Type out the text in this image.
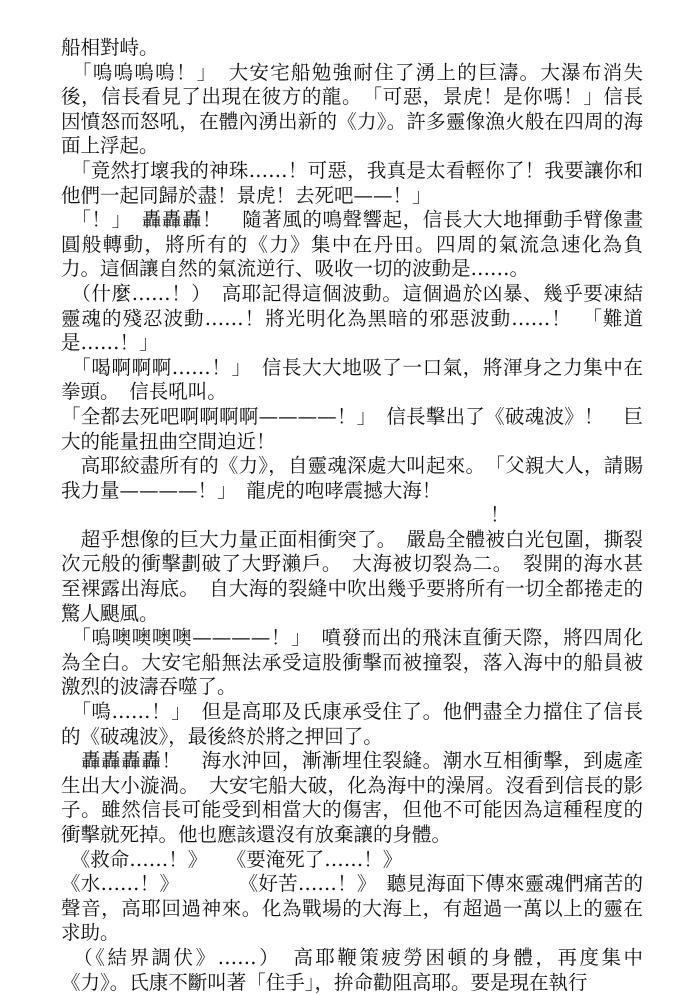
船相對峙。

　「嗚嗚嗚嗚！」　大安宅船勉強耐住了湧上的巨濤。大瀑布消失後，信長看見了出現在彼方的龍。　「可惡，景虎！是你嗎！」信長因憤怒而怒吼，在體內湧出新的《力》。許多靈像漁火般在四周的海面上浮起。

　「竟然打壞我的神珠……！可惡，我真是太看輕你了！我要讓你和他們一起同歸於盡！景虎！去死吧——！」

　「！」　轟轟轟！　隨著風的鳴聲響起，信長大大地揮動手臂像畫圓般轉動，將所有的《力》集中在丹田。四周的氣流急速化為負力。這個讓自然的氣流逆行、吸收一切的波動是……。

　（什麼……！）　高耶記得這個波動。這個過於凶暴、幾乎要凍結靈魂的殘忍波動……！將光明化為黑暗的邪惡波動……！　「難道是……！」

　「喝啊啊啊……！」　信長大大地吸了一口氣，將渾身之力集中在拳頭。　信長吼叫。

「全都去死吧啊啊啊啊————！」　信長擊出了《破魂波》！　巨大的能量扭曲空間迫近！

　高耶絞盡所有的《力》，自靈魂深處大叫起來。　「父親大人，請賜我力量————！」　龍虎的咆哮震撼大海！

　　　　　　　　　　　　　　　　　　　　　　！

　超乎想像的巨大力量正面相衝突了。　嚴島全體被白光包圍，撕裂次元般的衝擊劃破了大野瀨戶。　大海被切裂為二。　裂開的海水甚至裸露出海底。　自大海的裂縫中吹出幾乎要將所有一切全都捲走的驚人颶風。

　「嗚噢噢噢噢————！」　噴發而出的飛沫直衝天際，將四周化為全白。大安宅船無法承受這股衝擊而被撞裂，落入海中的船員被激烈的波濤吞噬了。

　「嗚……！」　但是高耶及氏康承受住了。他們盡全力擋住了信長的《破魂波》，最後終於將之押回了。

　轟轟轟轟！　海水沖回，漸漸埋住裂縫。潮水互相衝擊，到處產生出大小漩渦。　大安宅船大破，化為海中的澡屑。沒看到信長的影子。雖然信長可能受到相當大的傷害，但他不可能因為這種程度的衝擊就死掉。他也應該還沒有放棄讓的身體。

　《救命……！》　　《要淹死了……！》

《水……！》　　　　《好苦……！》　聽見海面下傳來靈魂們痛苦的聲音，高耶回過神來。化為戰場的大海上，有超過一萬以上的靈在求助。

　（《結界調伏》……）　高耶鞭策疲勞困頓的身體，再度集中《力》。氏康不斷叫著「住手」，拚命勸阻高耶。要是現在執行
